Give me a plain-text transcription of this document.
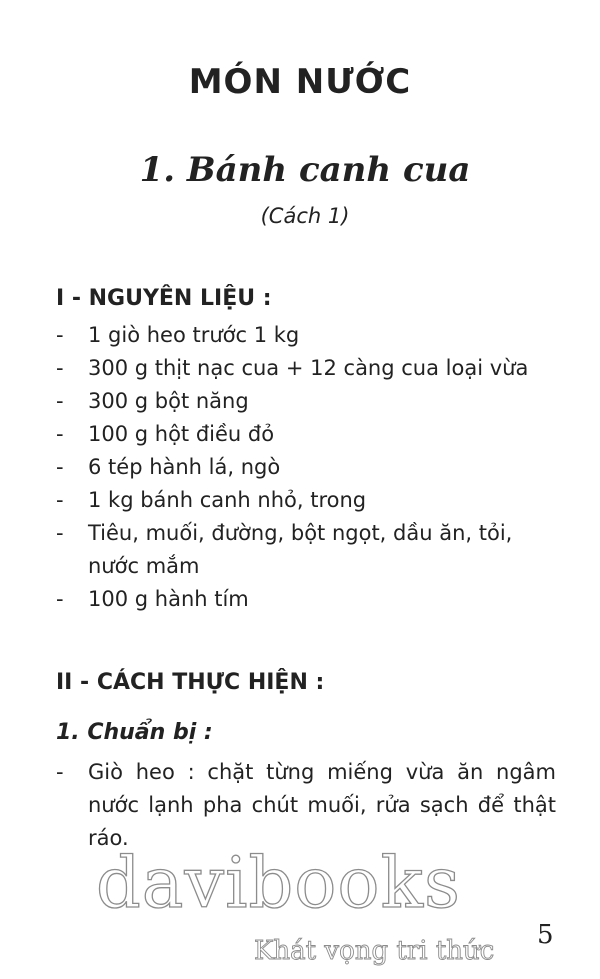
MÓN NƯỚC
1. Bánh canh cua
(Cách 1)
I - NGUYÊN LIỆU :
- 1 giò heo trước 1 kg
- 300 g thịt nạc cua + 12 càng cua loại vừa
- 300 g bột năng
- 100 g hột điều đỏ
- 6 tép hành lá, ngò
- 1 kg bánh canh nhỏ, trong
- Tiêu, muối, đường, bột ngọt, dầu ăn, tỏi, nước mắm
- 100 g hành tím
II - CÁCH THỰC HIỆN :
1. Chuẩn bị :
- Giò heo : chặt từng miếng vừa ăn ngâm nước lạnh pha chút muối, rửa sạch để thật ráo.
davibooks
Khát vọng tri thức
5
